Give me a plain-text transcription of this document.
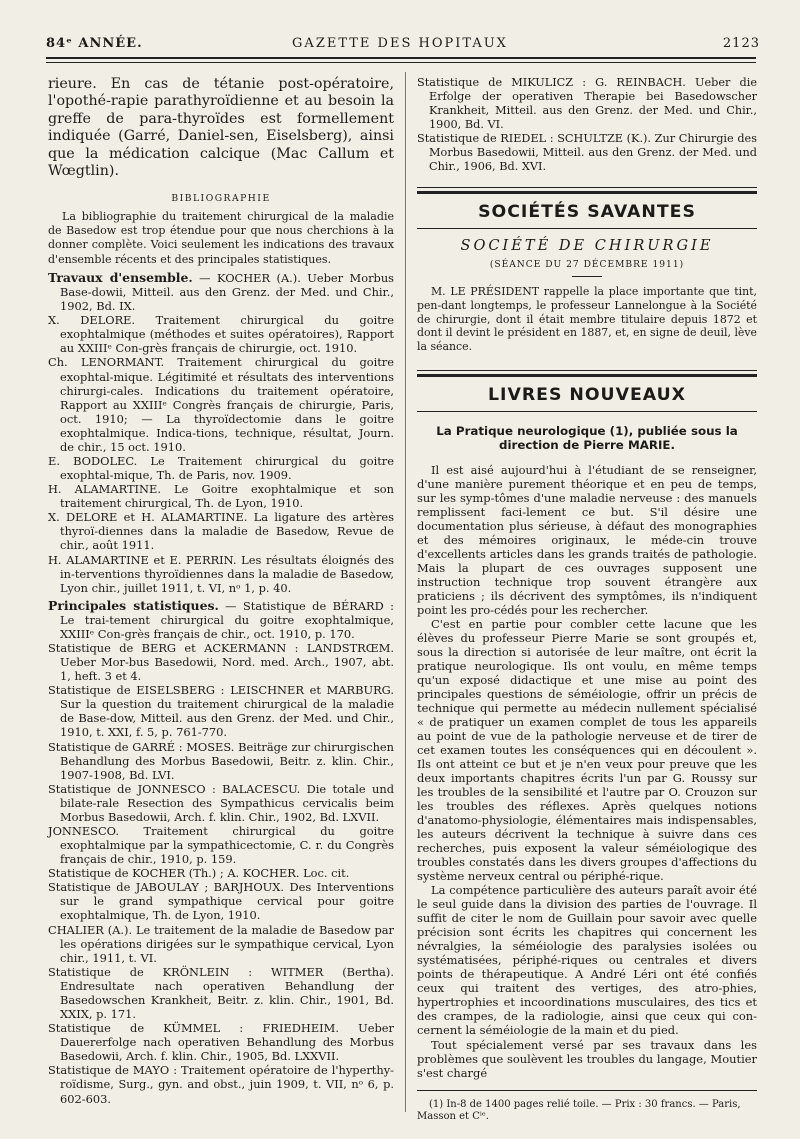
84ᵉ ANNÉE.	GAZETTE DES HOPITAUX	2123

rieure. En cas de tétanie post-opératoire, l'opothé-rapie parathyroïdienne et au besoin la greffe de para-thyroïdes est formellement indiquée (Garré, Daniel-sen, Eiselsberg), ainsi que la médication calcique (Mac Callum et Wœgtlin).

BIBLIOGRAPHIE

La bibliographie du traitement chirurgical de la maladie de Basedow est trop étendue pour que nous cherchions à la donner complète. Voici seulement les indications des travaux d'ensemble récents et des principales statistiques.

Travaux d'ensemble. — KOCHER (A.). Ueber Morbus Base-dowii, Mitteil. aus den Grenz. der Med. und Chir., 1902, Bd. IX.
X. DELORE. Traitement chirurgical du goitre exophtalmique (méthodes et suites opératoires), Rapport au XXIIIᵉ Con-grès français de chirurgie, oct. 1910.
Ch. LENORMANT. Traitement chirurgical du goitre exophtal-mique. Légitimité et résultats des interventions chirurgi-cales. Indications du traitement opératoire, Rapport au XXIIIᵉ Congrès français de chirurgie, Paris, oct. 1910; — La thyroïdectomie dans le goitre exophtalmique. Indica-tions, technique, résultat, Journ. de chir., 15 oct. 1910.
E. BODOLEC. Le Traitement chirurgical du goitre exophtal-mique, Th. de Paris, nov. 1909.
H. ALAMARTINE. Le Goitre exophtalmique et son traitement chirurgical, Th. de Lyon, 1910.
X. DELORE et H. ALAMARTINE. La ligature des artères thyroï-diennes dans la maladie de Basedow, Revue de chir., août 1911.
H. ALAMARTINE et E. PERRIN. Les résultats éloignés des in-terventions thyroïdiennes dans la maladie de Basedow, Lyon chir., juillet 1911, t. VI, nᵒ 1, p. 40.
Principales statistiques. — Statistique de BÉRARD : Le trai-tement chirurgical du goitre exophtalmique, XXIIIᵉ Con-grès français de chir., oct. 1910, p. 170.
Statistique de BERG et ACKERMANN : LANDSTRŒM. Ueber Mor-bus Basedowii, Nord. med. Arch., 1907, abt. 1, heft. 3 et 4.
Statistique de EISELSBERG : LEISCHNER et MARBURG. Sur la question du traitement chirurgical de la maladie de Base-dow, Mitteil. aus den Grenz. der Med. und Chir., 1910, t. XXI, f. 5, p. 761-770.
Statistique de GARRÉ : MOSES. Beiträge zur chirurgischen Behandlung des Morbus Basedowii, Beitr. z. klin. Chir., 1907-1908, Bd. LVI.
Statistique de JONNESCO : BALACESCU. Die totale und bilate-rale Resection des Sympathicus cervicalis beim Morbus Basedowii, Arch. f. klin. Chir., 1902, Bd. LXVII.
JONNESCO. Traitement chirurgical du goitre exophtalmique par la sympathicectomie, C. r. du Congrès français de chir., 1910, p. 159.
Statistique de KOCHER (Th.) ; A. KOCHER. Loc. cit.
Statistique de JABOULAY ; BARJHOUX. Des Interventions sur le grand sympathique cervical pour goitre exophtalmique, Th. de Lyon, 1910.
CHALIER (A.). Le traitement de la maladie de Basedow par les opérations dirigées sur le sympathique cervical, Lyon chir., 1911, t. VI.
Statistique de KRÖNLEIN : WITMER (Bertha). Endresultate nach operativen Behandlung der Basedowschen Krankheit, Beitr. z. klin. Chir., 1901, Bd. XXIX, p. 171.
Statistique de KÜMMEL : FRIEDHEIM. Ueber Dauererfolge nach operativen Behandlung des Morbus Basedowii, Arch. f. klin. Chir., 1905, Bd. LXXVII.
Statistique de MAYO : Traitement opératoire de l'hyperthy-roïdisme, Surg., gyn. and obst., juin 1909, t. VII, nᵒ 6, p. 602-603.
Statistique de MIKULICZ : G. REINBACH. Ueber die Erfolge der operativen Therapie bei Basedowscher Krankheit, Mitteil. aus den Grenz. der Med. und Chir., 1900, Bd. VI.
Statistique de RIEDEL : SCHULTZE (K.). Zur Chirurgie des Morbus Basedowii, Mitteil. aus den Grenz. der Med. und Chir., 1906, Bd. XVI.
SOCIÉTÉS SAVANTES
SOCIÉTÉ DE CHIRURGIE
(SÉANCE DU 27 DÉCEMBRE 1911)

M. LE PRÉSIDENT rappelle la place importante que tint, pen-dant longtemps, le professeur Lannelongue à la Société de chirurgie, dont il était membre titulaire depuis 1872 et dont il devint le président en 1887, et, en signe de deuil, lève la séance.

LIVRES NOUVEAUX
La Pratique neurologique (1), publiée sous la direction de Pierre MARIE.

Il est aisé aujourd'hui à l'étudiant de se renseigner, d'une manière purement théorique et en peu de temps, sur les symp-tômes d'une maladie nerveuse : des manuels remplissent faci-lement ce but. S'il désire une documentation plus sérieuse, à défaut des monographies et des mémoires originaux, le méde-cin trouve d'excellents articles dans les grands traités de pathologie. Mais la plupart de ces ouvrages supposent une instruction technique trop souvent étrangère aux praticiens ; ils décrivent des symptômes, ils n'indiquent point les pro-cédés pour les rechercher.

C'est en partie pour combler cette lacune que les élèves du professeur Pierre Marie se sont groupés et, sous la direction si autorisée de leur maître, ont écrit la pratique neurologique. Ils ont voulu, en même temps qu'un exposé didactique et une mise au point des principales questions de séméiologie, offrir un précis de technique qui permette au médecin nullement spécialisé « de pratiquer un examen complet de tous les appareils au point de vue de la pathologie nerveuse et de tirer de cet examen toutes les conséquences qui en découlent ». Ils ont atteint ce but et je n'en veux pour preuve que les deux importants chapitres écrits l'un par G. Roussy sur les troubles de la sensibilité et l'autre par O. Crouzon sur les troubles des réflexes. Après quelques notions d'anatomo-physiologie, élémentaires mais indispensables, les auteurs décrivent la technique à suivre dans ces recherches, puis exposent la valeur séméiologique des troubles constatés dans les divers groupes d'affections du système nerveux central ou périphé-rique.

La compétence particulière des auteurs paraît avoir été le seul guide dans la division des parties de l'ouvrage. Il suffit de citer le nom de Guillain pour savoir avec quelle précision sont écrits les chapitres qui concernent les névralgies, la séméiologie des paralysies isolées ou systématisées, périphé-riques ou centrales et divers points de thérapeutique. A André Léri ont été confiés ceux qui traitent des vertiges, des atro-phies, hypertrophies et incoordinations musculaires, des tics et des crampes, de la radiologie, ainsi que ceux qui con-cernent la séméiologie de la main et du pied.

Tout spécialement versé par ses travaux dans les problèmes que soulèvent les troubles du langage, Moutier s'est chargé

(1) In-8 de 1400 pages relié toile. — Prix : 30 francs. — Paris, Masson et Cⁱᵉ.
